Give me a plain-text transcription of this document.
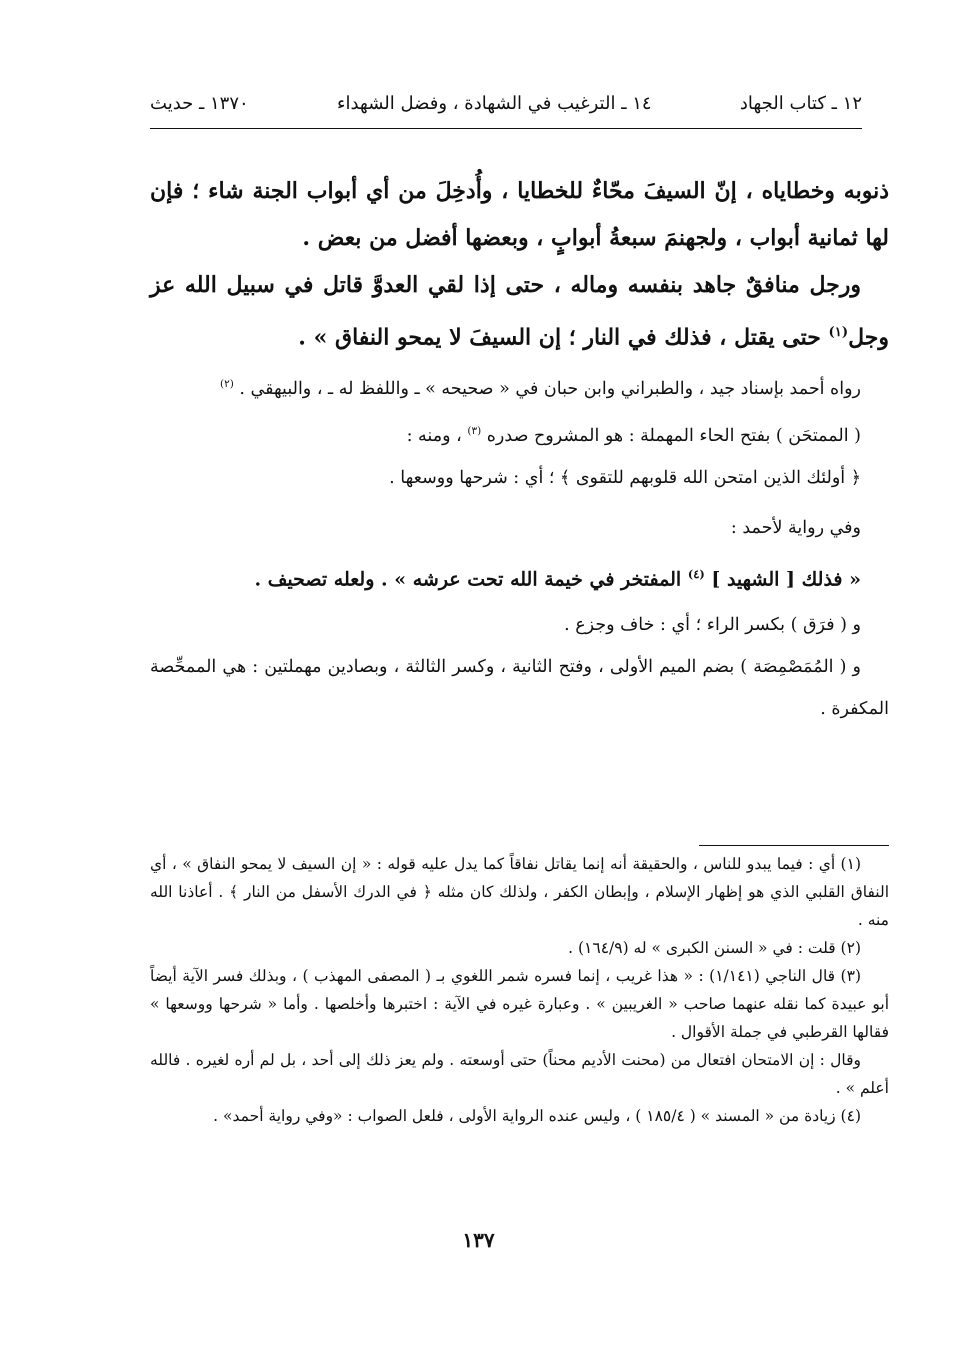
١٢ ـ كتاب الجهاد
١٤ ـ الترغيب في الشهادة ، وفضل الشهداء
١٣٧٠ ـ حديث

ذنوبه وخطاياه ، إنّ السيفَ محّاءٌ للخطايا ، وأُدخِلَ من أي أبواب الجنة شاء ؛ فإن لها ثمانية أبواب ، ولجهنمَ سبعةُ أبوابٍ ، وبعضها أفضل من بعض .

ورجل منافقٌ جاهد بنفسه وماله ، حتى إذا لقي العدوَّ قاتل في سبيل الله عز وجل$^{(١)}$ حتى يقتل ، فذلك في النار ؛ إن السيفَ لا يمحو النفاق » .

رواه أحمد بإسناد جيد ، والطبراني وابن حبان في « صحيحه » ـ واللفظ له ـ ، والبيهقي . $^{(٢)}$

( الممتحَن ) بفتح الحاء المهملة : هو المشروح صدره $^{(٣)}$ ، ومنه :

﴿ أولئك الذين امتحن الله قلوبهم للتقوى ﴾ ؛ أي : شرحها ووسعها .

وفي رواية لأحمد :

« فذلك [ الشهيد ] $^{(٤)}$ المفتخر في خيمة الله تحت عرشه » . ولعله تصحيف .

و ( فرَق ) بكسر الراء ؛ أي : خاف وجزع .

و ( المُمَصْمِصَة ) بضم الميم الأولى ، وفتح الثانية ، وكسر الثالثة ، وبصادين مهملتين : هي الممحِّصة المكفرة .

(١) أي : فيما يبدو للناس ، والحقيقة أنه إنما يقاتل نفاقاً كما يدل عليه قوله : « إن السيف لا يمحو النفاق » ، أي النفاق القلبي الذي هو إظهار الإسلام ، وإبطان الكفر ، ولذلك كان مثله ﴿ في الدرك الأسفل من النار ﴾ . أعاذنا الله منه .

(٢) قلت : في « السنن الكبرى » له (١٦٤/٩) .

(٣) قال الناجي (١/١٤١) : « هذا غريب ، إنما فسره شمر اللغوي بـ ( المصفى المهذب ) ، وبذلك فسر الآية أيضاً أبو عبيدة كما نقله عنهما صاحب « الغريبين » . وعبارة غيره في الآية : اختبرها وأخلصها . وأما « شرحها ووسعها » فقالها القرطبي في جملة الأقوال .

وقال : إن الامتحان افتعال من (محنت الأديم محناً) حتى أوسعته . ولم يعز ذلك إلى أحد ، بل لم أره لغيره . فالله أعلم » .

(٤) زيادة من « المسند » ( ١٨٥/٤ ) ، وليس عنده الرواية الأولى ، فلعل الصواب : «وفي رواية أحمد» .

١٣٧
